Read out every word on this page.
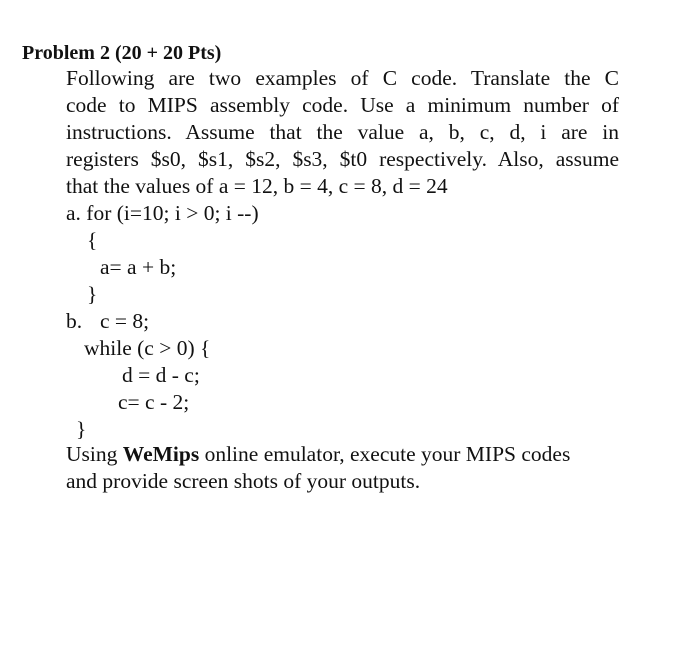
Problem 2 (20 + 20 Pts)
Following are two examples of C code. Translate the C
code to MIPS assembly code. Use a minimum number of
instructions. Assume that the value a, b, c, d, i are in
registers $s0, $s1, $s2, $s3, $t0 respectively. Also, assume
that the values of a = 12, b = 4, c = 8, d = 24
a. for (i=10; i > 0; i --)
{
a= a + b;
}
b. c = 8;
while (c > 0) {
d = d - c;
c= c - 2;
}
Using WeMips online emulator, execute your MIPS codes
and provide screen shots of your outputs.
